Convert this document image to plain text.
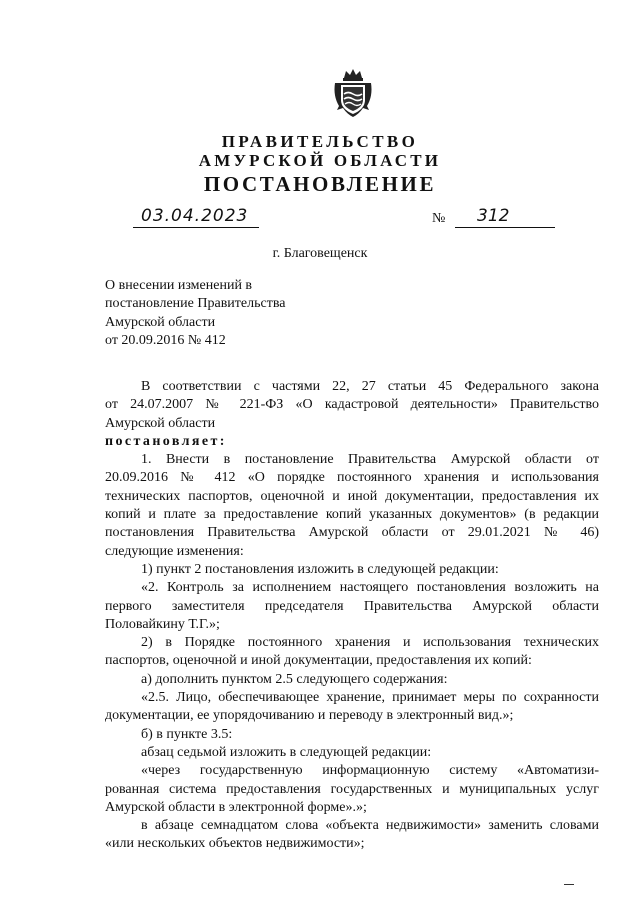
ПРАВИТЕЛЬСТВО
АМУРСКОЙ ОБЛАСТИ
ПОСТАНОВЛЕНИЕ
03.04.2023	№	312
г. Благовещенск
О внесении изменений в
постановление Правительства
Амурской области
от 20.09.2016 № 412

В соответствии с частями 22, 27 статьи 45 Федерального закона

от 24.07.2007 № 221-ФЗ «О кадастровой деятельности» Правительство

Амурской области

постановляет:

1. Внести в постановление Правительства Амурской области от

20.09.2016 № 412 «О порядке постоянного хранения и использования

технических паспортов, оценочной и иной документации, предоставления их

копий и плате за предоставление копий указанных документов» (в редакции

постановления Правительства Амурской области от 29.01.2021 № 46)

следующие изменения:

1) пункт 2 постановления изложить в следующей редакции:

«2. Контроль за исполнением настоящего постановления возложить на

первого заместителя председателя Правительства Амурской области

Половайкину Т.Г.»;

2) в Порядке постоянного хранения и использования технических

паспортов, оценочной и иной документации, предоставления их копий:

а) дополнить пунктом 2.5 следующего содержания:

«2.5. Лицо, обеспечивающее хранение, принимает меры по сохранности

документации, ее упорядочиванию и переводу в электронный вид.»;

б) в пункте 3.5:

абзац седьмой изложить в следующей редакции:

«через государственную информационную систему «Автоматизи-

рованная система предоставления государственных и муниципальных услуг

Амурской области в электронной форме».»;

в абзаце семнадцатом слова «объекта недвижимости» заменить словами

«или нескольких объектов недвижимости»;
